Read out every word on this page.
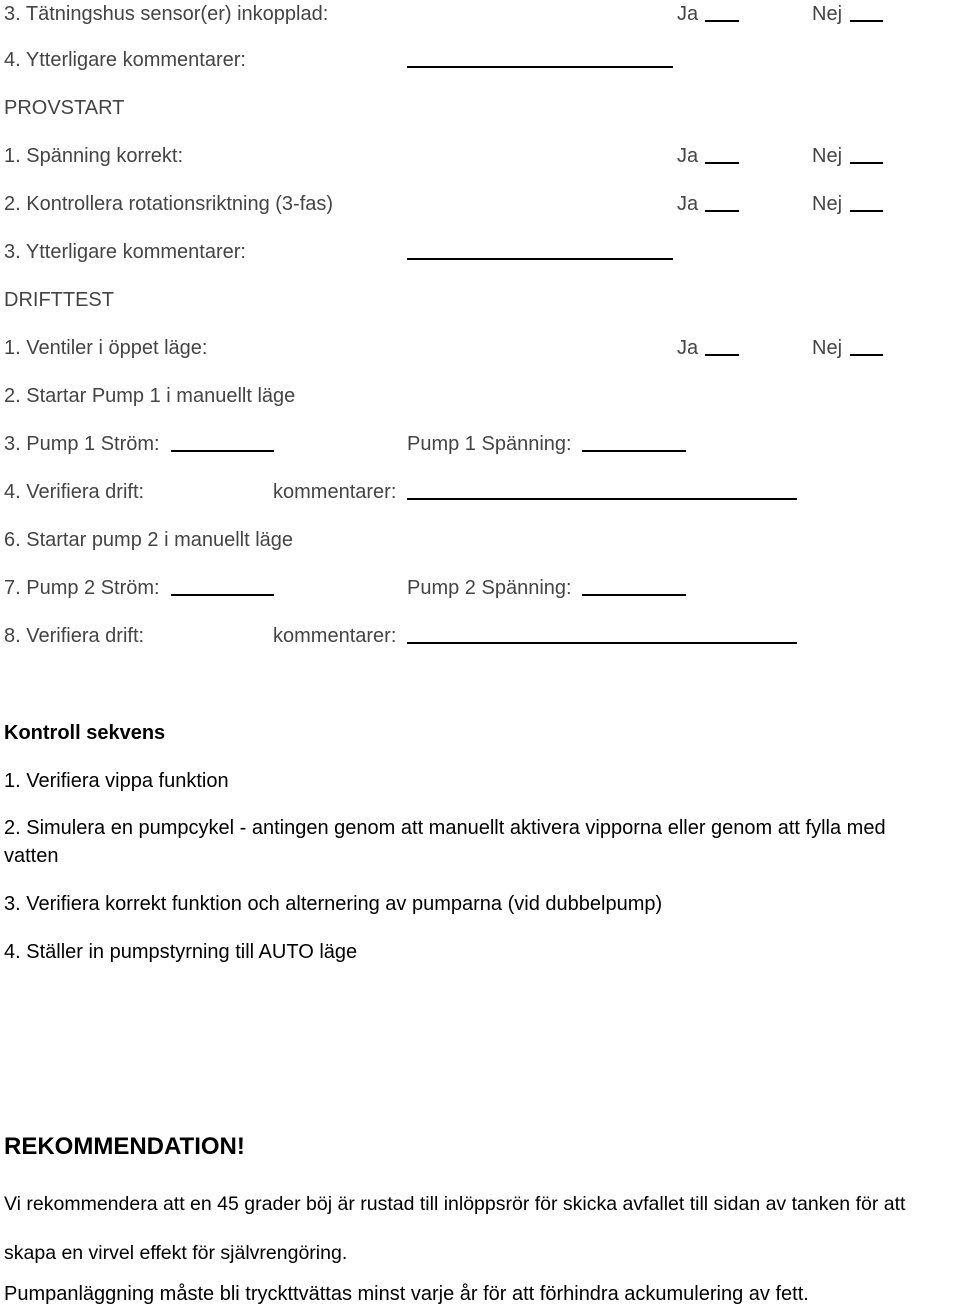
3. Tätningshus sensor(er) inkopplad:	Ja	Nej
4. Ytterligare kommentarer:
PROVSTART
1. Spänning korrekt:	Ja	Nej
2. Kontrollera rotationsriktning (3-fas)	Ja	Nej
3. Ytterligare kommentarer:
DRIFTTEST
1. Ventiler i öppet läge:	Ja	Nej
2. Startar Pump 1 i manuellt läge
3. Pump 1 Ström:	Pump 1 Spänning:
4. Verifiera drift:	kommentarer:
6. Startar pump 2 i manuellt läge
7. Pump 2 Ström:	Pump 2 Spänning:
8. Verifiera drift:	kommentarer:
Kontroll sekvens
1. Verifiera vippa funktion
2. Simulera en pumpcykel - antingen genom att manuellt aktivera vipporna eller genom att fylla med vatten
3. Verifiera korrekt funktion och alternering av pumparna (vid dubbelpump)
4. Ställer in pumpstyrning till AUTO läge
REKOMMENDATION!
Vi rekommendera att en 45 grader böj är rustad till inlöppsrör för skicka avfallet till sidan av tanken för att skapa en virvel effekt för självrengöring.
Pumpanläggning måste bli tryckttvättas minst varje år för att förhindra ackumulering av fett.
